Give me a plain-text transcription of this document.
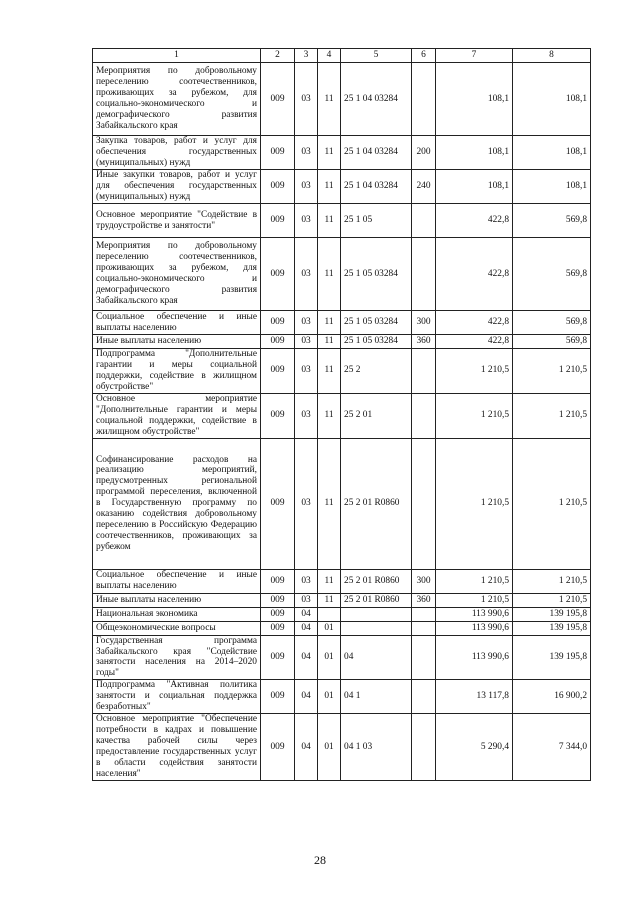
1	2	3	4	5	6	7	8
Мероприятия по добровольному переселению соотечественников, проживающих за рубежом, для социально-экономического и демографического развития Забайкальского края	009	03	11	25 1 04 03284		108,1	108,1
Закупка товаров, работ и услуг для обеспечения государственных (муниципальных) нужд	009	03	11	25 1 04 03284	200	108,1	108,1
Иные закупки товаров, работ и услуг для обеспечения государственных (муниципальных) нужд	009	03	11	25 1 04 03284	240	108,1	108,1
Основное мероприятие "Содействие в трудоустройстве и занятости"	009	03	11	25 1 05		422,8	569,8
Мероприятия по добровольному переселению соотечественников, проживающих за рубежом, для социально-экономического и демографического развития Забайкальского края	009	03	11	25 1 05 03284		422,8	569,8
Социальное обеспечение и иные выплаты населению	009	03	11	25 1 05 03284	300	422,8	569,8
Иные выплаты населению	009	03	11	25 1 05 03284	360	422,8	569,8
Подпрограмма "Дополнительные гарантии и меры социальной поддержки, содействие в жилищном обустройстве"	009	03	11	25 2		1 210,5	1 210,5
Основное мероприятие "Дополнительные гарантии и меры социальной поддержки, содействие в жилищном обустройстве"	009	03	11	25 2 01		1 210,5	1 210,5
Софинансирование расходов на реализацию мероприятий, предусмотренных региональной программой переселения, включенной в Государственную программу по оказанию содействия добровольному переселению в Российскую Федерацию соотечественников, проживающих за рубежом	009	03	11	25 2 01 R0860		1 210,5	1 210,5
Социальное обеспечение и иные выплаты населению	009	03	11	25 2 01 R0860	300	1 210,5	1 210,5
Иные выплаты населению	009	03	11	25 2 01 R0860	360	1 210,5	1 210,5
Национальная экономика	009	04				113 990,6	139 195,8
Общеэкономические вопросы	009	04	01			113 990,6	139 195,8
Государственная программа Забайкальского края "Содействие занятости населения на 2014–2020 годы"	009	04	01	04		113 990,6	139 195,8
Подпрограмма "Активная политика занятости и социальная поддержка безработных"	009	04	01	04 1		13 117,8	16 900,2
Основное мероприятие "Обеспечение потребности в кадрах и повышение качества рабочей силы через предоставление государственных услуг в области содействия занятости населения"	009	04	01	04 1 03		5 290,4	7 344,0
28
